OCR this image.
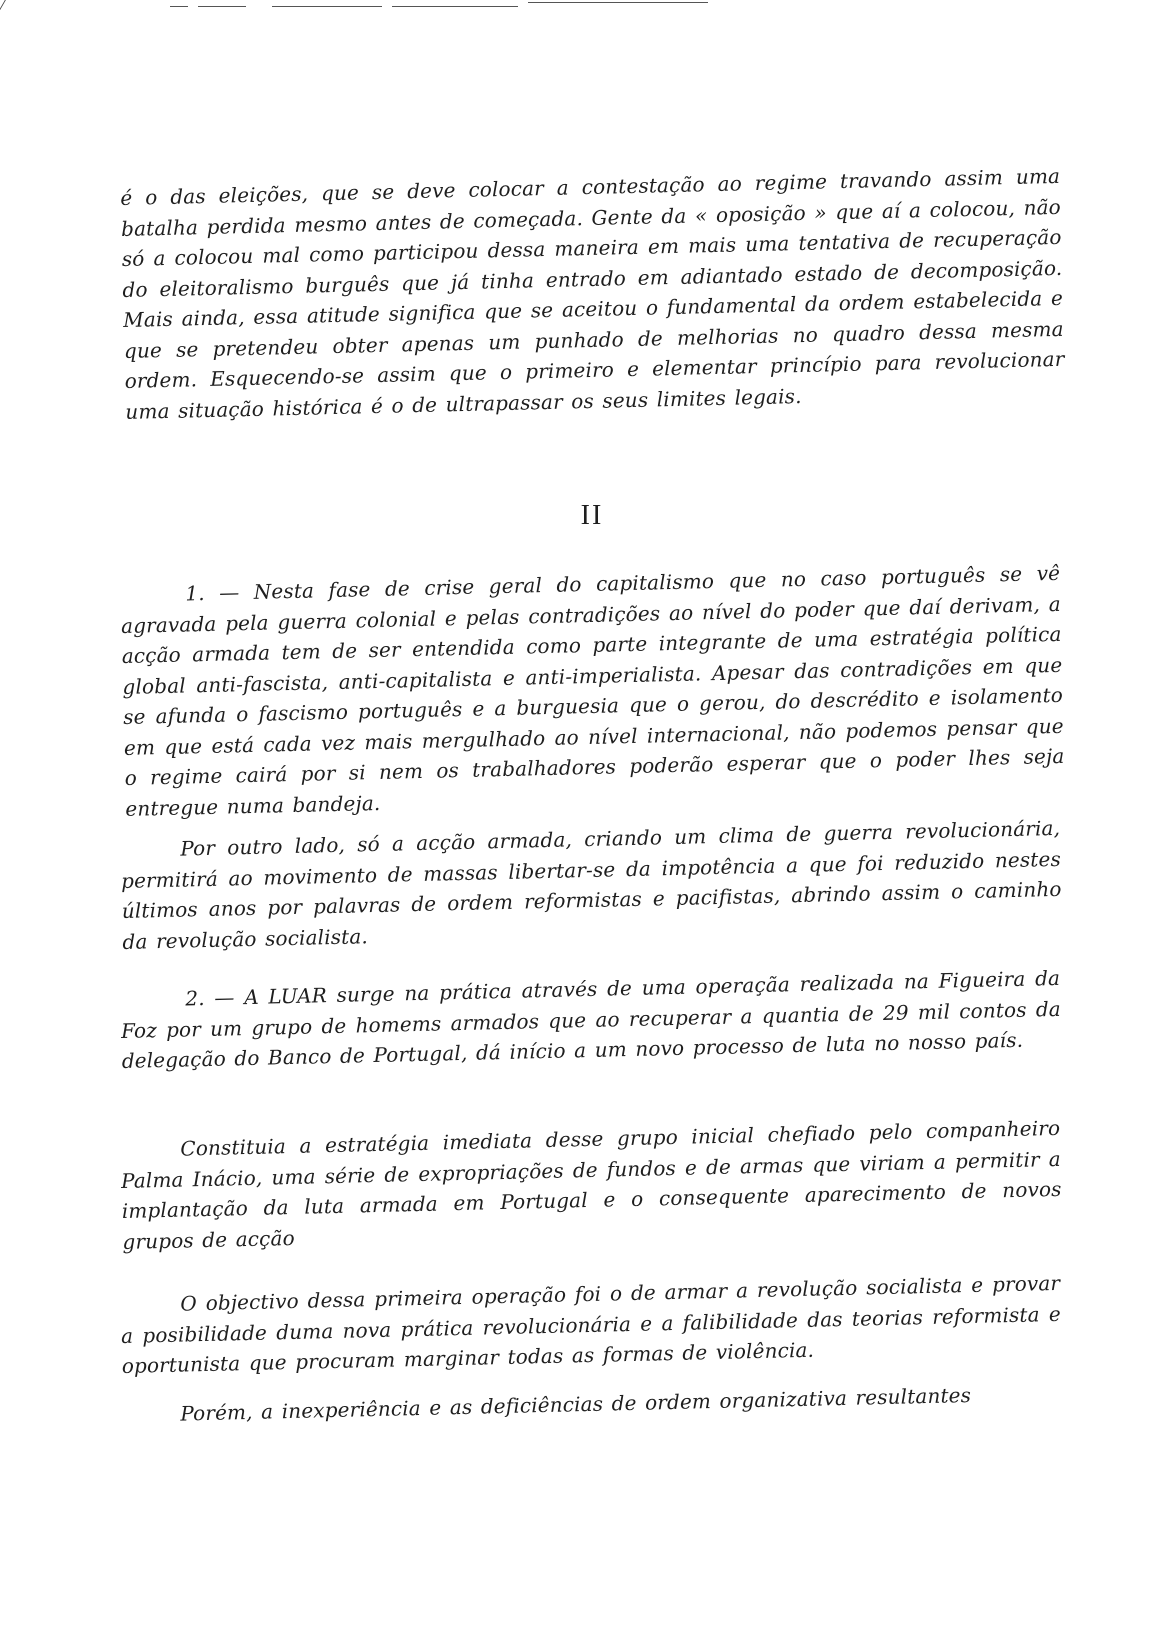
é o das eleições, que se deve colocar a contestação ao regime travando assim uma batalha perdida mesmo antes de começada. Gente da « oposição » que aí a colocou, não só a colocou mal como participou dessa maneira em mais uma tentativa de recuperação do eleitoralismo burguês que já tinha entrado em adiantado estado de decomposição. Mais ainda, essa atitude significa que se aceitou o fundamental da ordem estabelecida e que se pretendeu obter apenas um punhado de melhorias no quadro dessa mesma ordem. Esquecendo-se assim que o primeiro e elementar princípio para revolucionar uma situação histórica é o de ultrapassar os seus limites legais.

II

1. — Nesta fase de crise geral do capitalismo que no caso português se vê agravada pela guerra colonial e pelas contradições ao nível do poder que daí derivam, a acção armada tem de ser entendida como parte integrante de uma estratégia política global anti-fascista, anti-capitalista e anti-imperialista. Apesar das contradições em que se afunda o fascismo português e a burguesia que o gerou, do descrédito e isolamento em que está cada vez mais mergulhado ao nível internacional, não podemos pensar que o regime cairá por si nem os trabalhadores poderão esperar que o poder lhes seja entregue numa bandeja.

Por outro lado, só a acção armada, criando um clima de guerra revolucionária, permitirá ao movimento de massas libertar-se da impotência a que foi reduzido nestes últimos anos por palavras de ordem reformistas e pacifistas, abrindo assim o caminho da revolução socialista.

2. — A LUAR surge na prática através de uma operaçãa realizada na Figueira da Foz por um grupo de homems armados que ao recuperar a quantia de 29 mil contos da delegação do Banco de Portugal, dá início a um novo processo de luta no nosso país.

Constituia a estratégia imediata desse grupo inicial chefiado pelo companheiro Palma Inácio, uma série de expropriações de fundos e de armas que viriam a permitir a implantação da luta armada em Portugal e o consequente aparecimento de novos grupos de acção

O objectivo dessa primeira operação foi o de armar a revolução socialista e provar a posibilidade duma nova prática revolucionária e a falibilidade das teorias reformista e oportunista que procuram marginar todas as formas de violência.

Porém, a inexperiência e as deficiências de ordem organizativa resultantes
